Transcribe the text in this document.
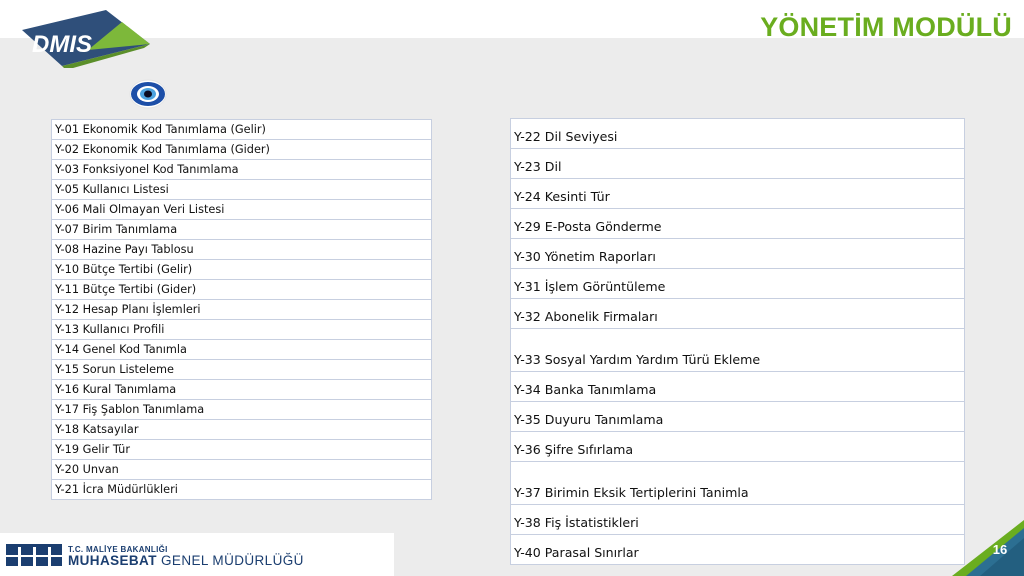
DMIS
YÖNETİM MODÜLÜ
Y-01 Ekonomik Kod Tanımlama (Gelir)
Y-02 Ekonomik Kod Tanımlama (Gider)
Y-03 Fonksiyonel Kod Tanımlama
Y-05 Kullanıcı Listesi
Y-06 Mali Olmayan Veri Listesi
Y-07 Birim Tanımlama
Y-08 Hazine Payı Tablosu
Y-10 Bütçe Tertibi (Gelir)
Y-11 Bütçe Tertibi (Gider)
Y-12 Hesap Planı İşlemleri
Y-13 Kullanıcı Profili
Y-14 Genel Kod Tanımla
Y-15 Sorun Listeleme
Y-16 Kural Tanımlama
Y-17 Fiş Şablon Tanımlama
Y-18 Katsayılar
Y-19 Gelir Tür
Y-20 Unvan
Y-21 İcra Müdürlükleri
Y-22 Dil Seviyesi
Y-23 Dil
Y-24 Kesinti Tür
Y-29 E-Posta Gönderme
Y-30 Yönetim Raporları
Y-31 İşlem Görüntüleme
Y-32 Abonelik Firmaları
Y-33 Sosyal Yardım Yardım Türü Ekleme
Y-34 Banka Tanımlama
Y-35 Duyuru Tanımlama
Y-36 Şifre Sıfırlama
Y-37 Birimin Eksik Tertiplerini Tanimla
Y-38 Fiş İstatistikleri
Y-40 Parasal Sınırlar
T.C. MALİYE BAKANLIĞI
MUHASEBAT GENEL MÜDÜRLÜĞÜ
16
